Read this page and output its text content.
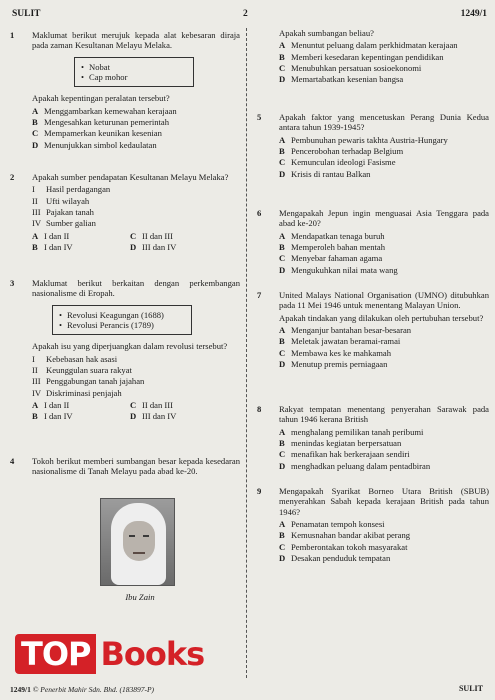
SULIT	2	1249/1
1	Maklumat berikut merujuk kepada alat kebesaran diraja pada zaman Kesultanan Melayu Melaka.

• Nobat
• Cap mohor

Apakah kepentingan peralatan tersebut?

A Menggambarkan kemewahan kerajaan
B Mengesahkan keturunan pemerintah
C Mempamerkan keunikan kesenian
D Menunjukkan simbol kedaulatan
2	Apakah sumber pendapatan Kesultanan Melayu Melaka?

I	Hasil perdagangan
II Ufti wilayah
III Pajakan tanah
IV Sumber galian
A I dan II	C II dan III
B I dan IV	D III dan IV
3	Maklumat berikut berkaitan dengan perkembangan nasionalisme di Eropah.

• Revolusi Keagungan (1688)
• Revolusi Perancis (1789)

Apakah isu yang diperjuangkan dalam revolusi tersebut?

I	Kebebasan hak asasi
II Keunggulan suara rakyat
III Penggabungan tanah jajahan
IV Diskriminasi penjajah
A I dan II	C II dan III
B I dan IV	D III dan IV
4	Tokoh berikut memberi sumbangan besar kepada kesedaran nasionalisme di Tanah Melayu pada abad ke-20.

Ibu Zain

Apakah sumbangan beliau?

A Menuntut peluang dalam perkhidmatan kerajaan
B Memberi kesedaran kepentingan pendidikan
C Menubuhkan persatuan sosioekonomi
D Memartabatkan kesenian bangsa
5	Apakah faktor yang mencetuskan Perang Dunia Kedua antara tahun 1939-1945?

A Pembunuhan pewaris takhta Austria-Hungary
B Pencerobohan terhadap Belgium
C Kemunculan ideologi Fasisme
D Krisis di rantau Balkan
6	Mengapakah Jepun ingin menguasai Asia Tenggara pada abad ke-20?

A Mendapatkan tenaga buruh
B Memperoleh bahan mentah
C Menyebar fahaman agama
D Mengukuhkan nilai mata wang
7	United Malays National Organisation (UMNO) ditubuhkan pada 11 Mei 1946 untuk menentang Malayan Union.

Apakah tindakan yang dilakukan oleh pertubuhan tersebut?

A Menganjur bantahan besar-besaran
B Meletak jawatan beramai-ramai
C Membawa kes ke mahkamah
D Menutup premis perniagaan
8	Rakyat tempatan menentang penyerahan Sarawak pada tahun 1946 kerana British

A menghalang pemilikan tanah peribumi
B menindas kegiatan berpersatuan
C menafikan hak berkerajaan sendiri
D menghadkan peluang dalam pentadbiran
9	Mengapakah Syarikat Borneo Utara British (SBUB) menyerahkan Sabah kepada kerajaan British pada tahun 1946?

A Penamatan tempoh konsesi
B Kemusnahan bandar akibat perang
C Pemberontakan tokoh masyarakat
D Desakan penduduk tempatan
TOP Books
1249/1 © Penerbit Mahir Sdn. Bhd. (183897-P)	SULIT
